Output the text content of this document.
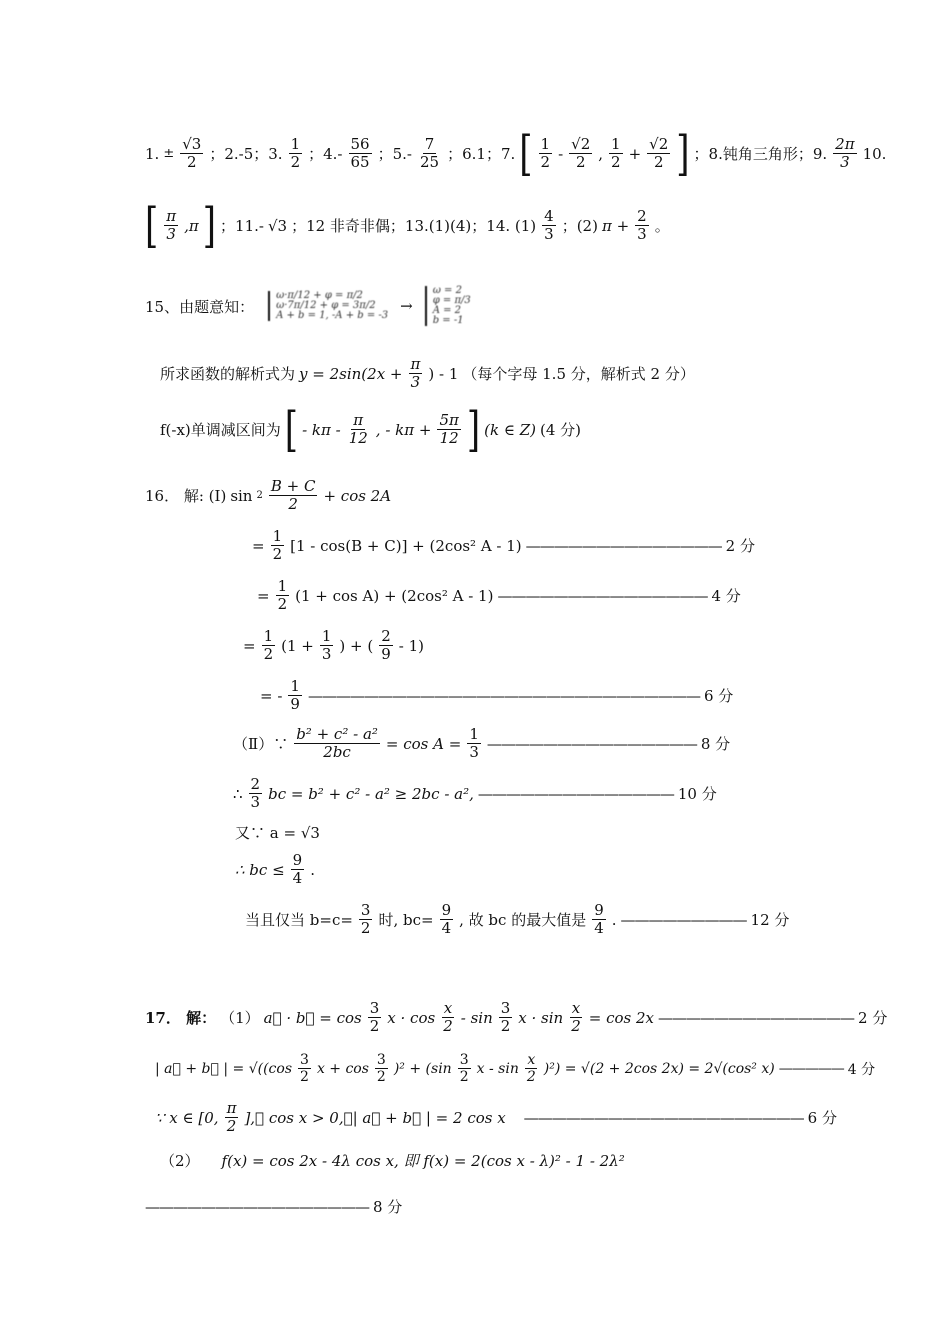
1. ± $\frac{√3}{2}$ ；2.-5；3. $\frac{1}{2}$ ；$4.- \frac{56}{65}$ ；$5.- \frac{7}{25}$ ；6.1；7. [ $\frac{1}{2} - \frac{√2}{2}$ , $\frac{1}{2} + \frac{√2}{2}$ ] ；8.钝角三角形；9. $\frac{2\pi}{3} 10$.
[ $\frac{\pi}{3} ,\pi$ ] ；11.- √3 ；12 非奇非偶；13.(1)(4)；14. $(1) \frac{4}{3}$ ；(2) $\pi + \frac{2}{3}$ 。
15、由题意知：
ω·π/12 + φ = π/2
ω·7π/12 + φ = 3π/2
A + b = 1, -A + b = -3
→
ω = 2
φ = π/3
A = 2
b = -1
所求函数的解析式为 $y = 2\sin(2x + \frac{\pi}{3}$ ) - 1 （每个字母 1.5 分，解析式 2 分）
f(-x)单调减区间为 [ - kπ - $\frac{\pi}{12}$ , - $k\pi + \frac{5\pi}{12}$ ] (k ∈ Z) (4 分)
16． 解: (Ⅰ) $\sin 2 \frac{B + C}{2} + \cos 2A$
= $\frac{1}{2} [1 - \cos(B + C)] + (2\cos^2$ A - 1) —————————————— 2 分
= $\frac{1}{2} (1 + \cos A) + (2\cos^2$ A - 1) ——————————————— 4 分
= $\frac{1}{2} (1 + \frac{1}{3}$ ) + ( $\frac{2}{9} - 1$)
= - $\frac{1}{9}$ ———————————————————————————— 6 分
（Ⅱ）∵ $\frac{\text{b² + c² - a²}}{2bc} = \cos A = \frac{1}{3}$ ——————————————— 8 分
∴ $\frac{2}{3}$ bc = b² + c² - a² ≥ 2bc - a², —————————————— 10 分
又∵ a = √3
∴ bc ≤ $\frac{9}{4}$ .
当且仅当 $b=c= \frac{3}{2}$ 时, $bc= \frac{9}{4}$ , 故 bc 的最大值是 $\frac{9}{4}$ . ————————— 12 分
17． 解： （1） a⃗ · b⃗ = $\cos \frac{3}{2}$ $x \cdot \cos \frac{x}{2} - \sin \frac{3}{2}$ $x \cdot \sin \frac{x}{2} = \cos 2x$ —————————————— 2 分
| a⃗ + b⃗ | = $√((\cos \frac{3}{2}$ $x + \cos \frac{3}{2} )^2 + (\sin \frac{3}{2}$ $x - \sin \frac{x}{2} )^2) = √(2 + 2\cos$ 2x) = 2√(cos² x) ————— 4 分
∵ x ∈ [0, $\frac{\pi}{2}$ ],∴ cos x > 0,∴| a⃗ + b⃗ | = 2 cos x ———————————————————— 6 分
（2） f(x) = cos 2x - 4λ cos x, 即 f(x) = 2(cos x - λ)² - 1 - 2λ²
———————————————— 8 分
